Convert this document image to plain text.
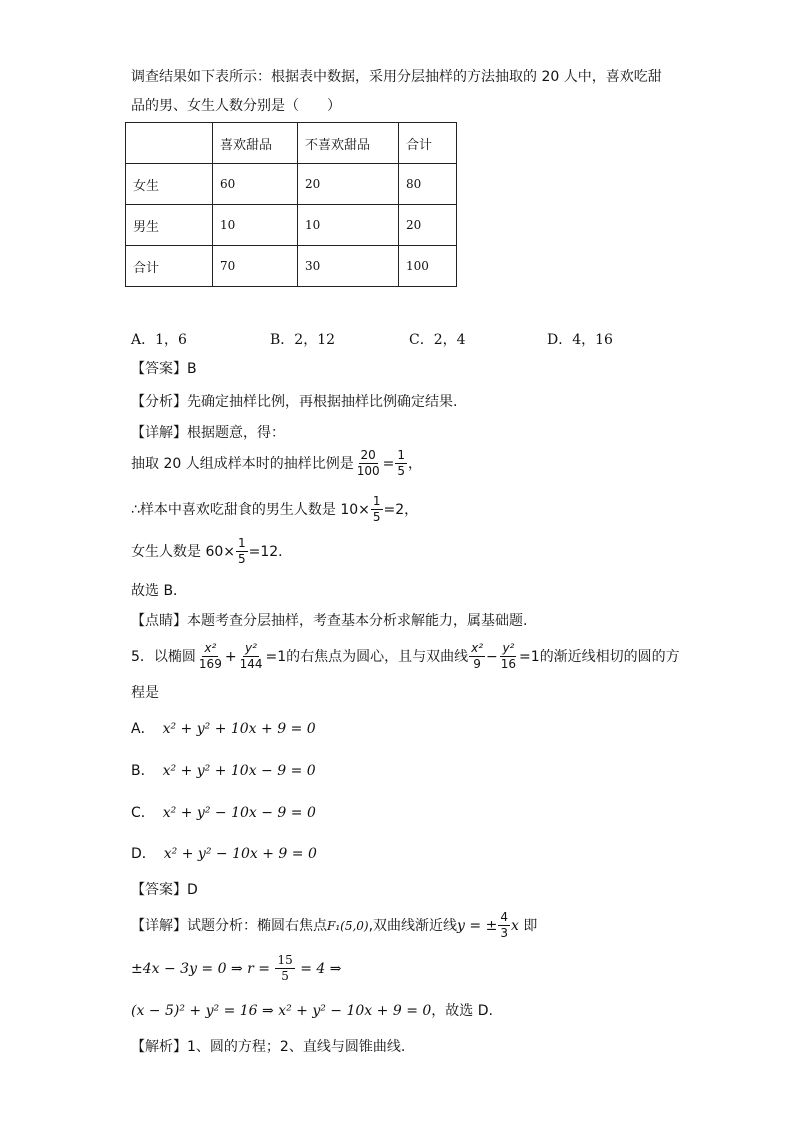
调查结果如下表所示：根据表中数据，采用分层抽样的方法抽取的 20 人中，喜欢吃甜
品的男、女生人数分别是（　　）
	喜欢甜品	不喜欢甜品	合计
女生	60	20	80
男生	10	10	20
合计	70	30	100
A．1，6	B．2，12	C．2，4	D．4，16
【答案】B
【分析】先确定抽样比例，再根据抽样比例确定结果.
【详解】根据题意，得：
抽取 20 人组成样本时的抽样比例是 $\frac{20}{100} = \frac{1}{5}$ ，
∴样本中喜欢吃甜食的男生人数是 $10\times \frac{1}{5} =2$，
女生人数是 $60\times \frac{1}{5} =12$．
故选 B．
【点睛】本题考查分层抽样，考查基本分析求解能力，属基础题.
5．以椭圆 $\frac{\text{x²}}{169} + \frac{\text{y²}}{144} =1$的右焦点为圆心，且与双曲线 $\frac{\text{x²}}{9} - \frac{\text{y²}}{16} =1$的渐近线相切的圆的方
程是
A． x² + y² + 10x + 9 = 0
B． x² + y² + 10x − 9 = 0
C． x² + y² − 10x − 9 = 0
D． x² + y² − 10x + 9 = 0
【答案】D
【详解】试题分析：椭圆右焦点F₁(5,0),双曲线渐近线y = ± $\frac{4}{3}$ x 即
±4x − 3y = 0 ⇒ $r = \frac{15}{5} = 4$ ⇒
(x − 5)² + y² = 16 ⇒ x² + y² − 10x + 9 = 0，故选 D.
【解析】1、圆的方程；2、直线与圆锥曲线.
